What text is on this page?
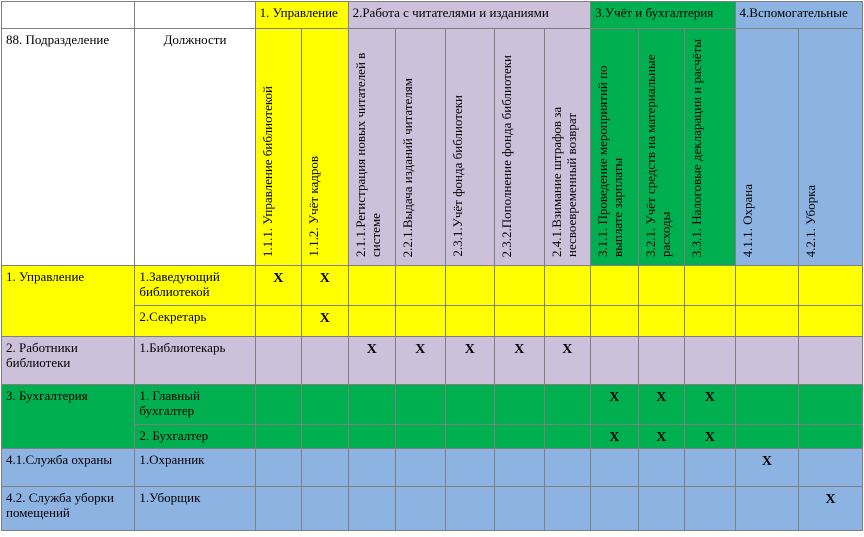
		1. Управление		2.Работа с читателями и изданиями					3.Учёт и бухгалтерия			4.Вспомогательные	
88. Подразделение	Должности	1.1.1. Управление библиотекой	1.1.2. Учёт кадров	2.1.1.Регистрация новых читателей в системе	2.2.1.Выдача изданий читателям	2.3.1.Учёт фонда библиотеки	2.3.2.Пополнение фонда библиотеки	2.4.1.Взимание штрафов за несвоевременный возврат	3.1.1. Проведение мероприятий по выплате зарплаты	3.2.1. Учёт средств на материальные расходы	3.3.1. Налоговые декларации и расчёты	4.1.1. Охрана	4.2.1. Уборка

1. Управление	1.Заведующий библиотекой	X	X										
	2.Секретарь		X										
2. Работники библиотеки	1.Библиотекарь			X	X	X	X	X					
3. Бухгалтерия	1. Главный бухгалтер								X	X	X		
	2. Бухгалтер								X	X	X		
4.1.Служба охраны	1.Охранник											X	
4.2. Служба уборки помещений	1.Уборщик												X
